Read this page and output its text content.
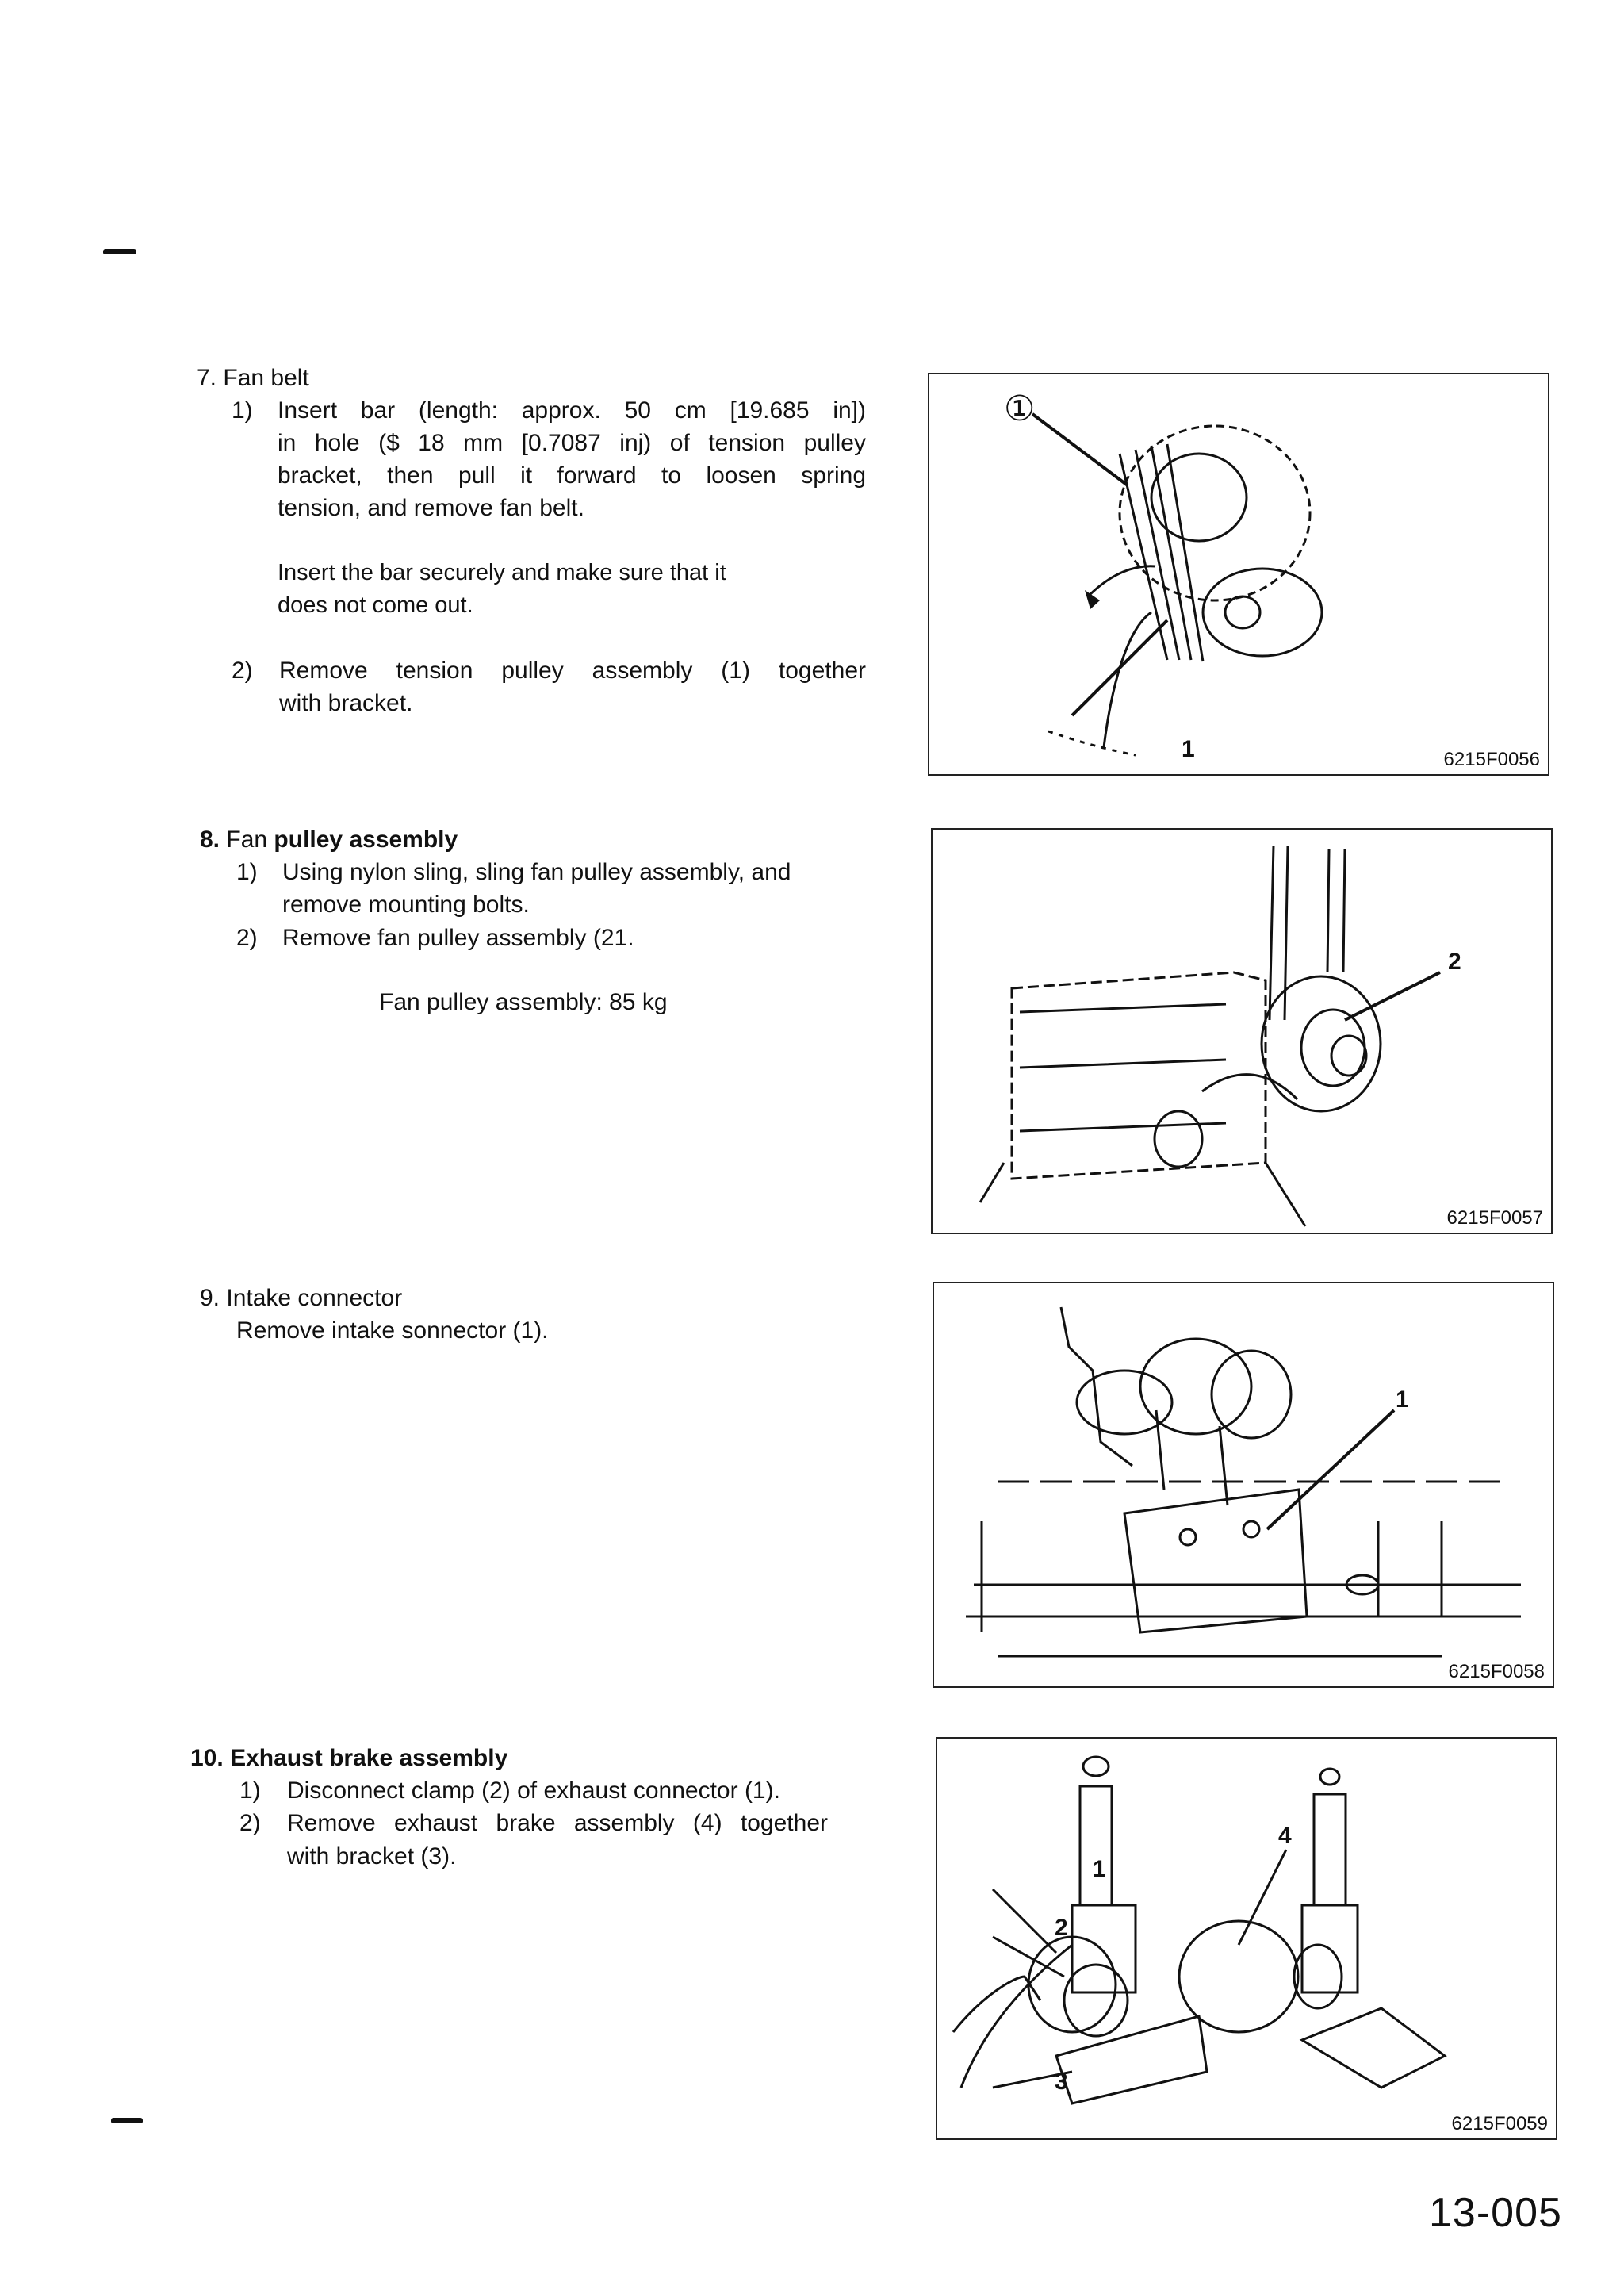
7. Fan belt
1) Insert bar (length: approx. 50 cm [19.685 in])
in hole ($ 18 mm [0.7087 inj) of tension pulley
bracket, then pull it forward to loosen spring
tension, and remove fan belt.
Insert the bar securely and make sure that it
does not come out.
2) Remove tension pulley assembly (1) together
with bracket.
①
1	6215F0056
8. Fan pulley assembly
1) Using nylon sling, sling fan pulley assembly, and
remove mounting bolts.
2) Remove fan pulley assembly (21.
Fan pulley assembly: 85 kg
2
6215F0057
9. Intake connector
Remove intake sonnector (1).
1
6215F0058
10. Exhaust brake assembly
1) Disconnect clamp (2) of exhaust connector (1).
2) Remove exhaust brake assembly (4) together
with bracket (3).	1
2
3
4
6215F0059
13-005
